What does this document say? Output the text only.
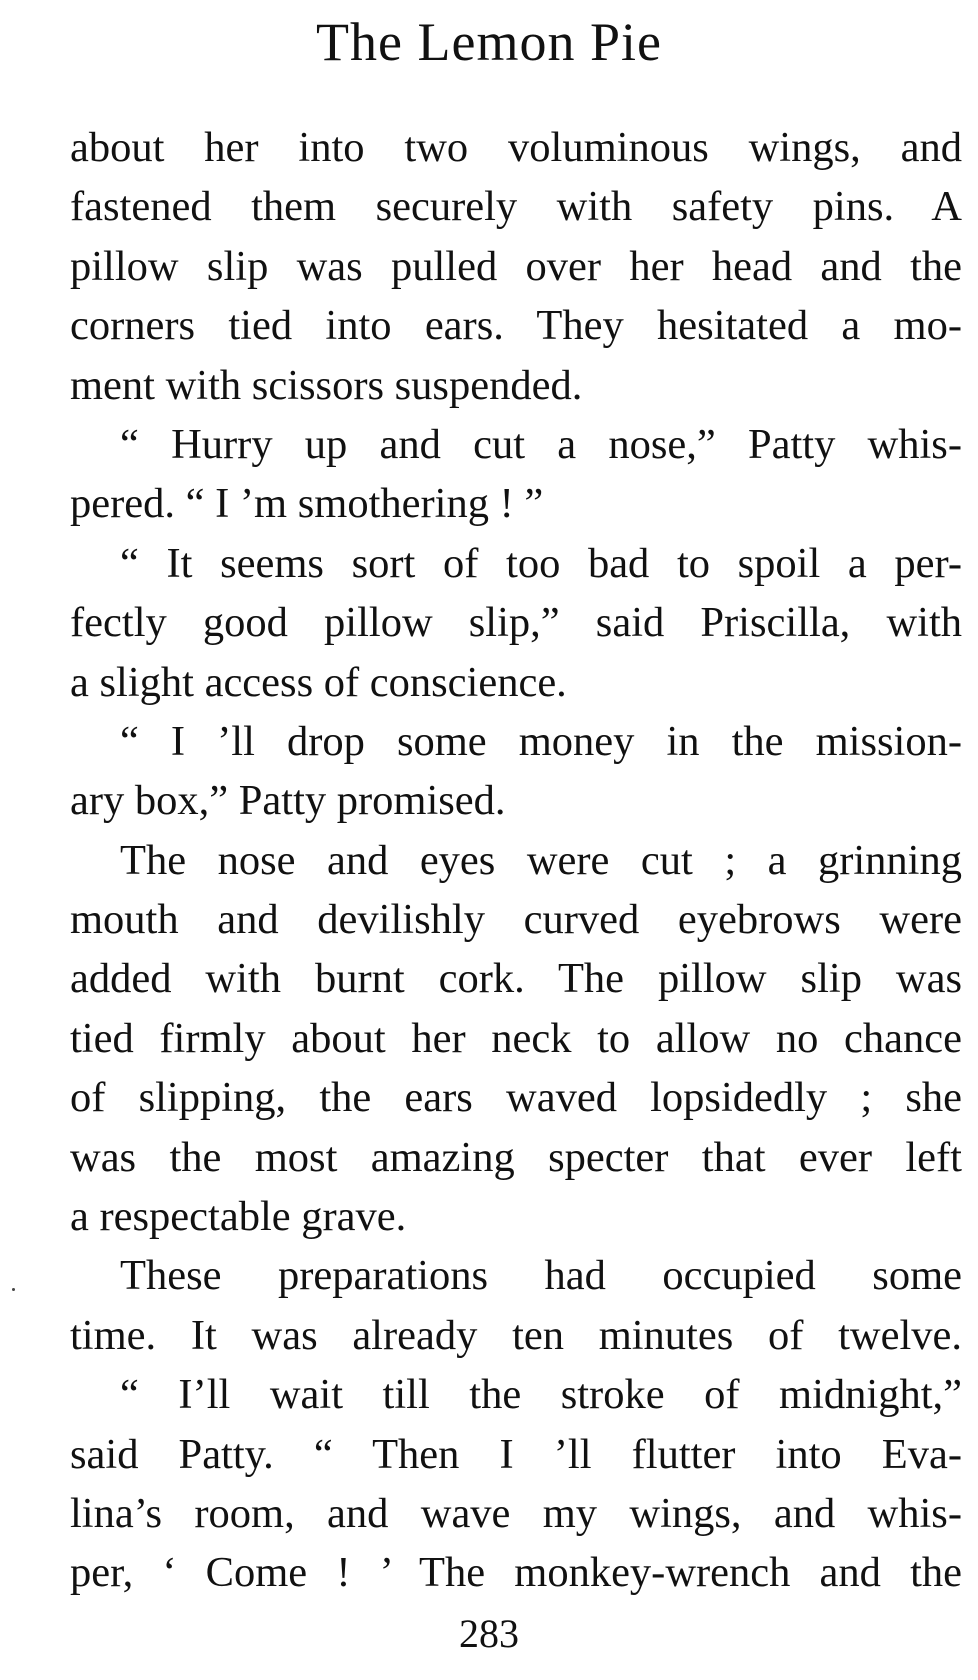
The Lemon Pie
about her into two voluminous wings, and
fastened them securely with safety pins. A
pillow slip was pulled over her head and the
corners tied into ears. They hesitated a mo-
ment with scissors suspended.
“ Hurry up and cut a nose,” Patty whis-
pered. “ I ’m smothering ! ”
“ It seems sort of too bad to spoil a per-
fectly good pillow slip,” said Priscilla, with
a slight access of conscience.
“ I ’ll drop some money in the mission-
ary box,” Patty promised.
The nose and eyes were cut ; a grinning
mouth and devilishly curved eyebrows were
added with burnt cork. The pillow slip was
tied firmly about her neck to allow no chance
of slipping, the ears waved lopsidedly ; she
was the most amazing specter that ever left
a respectable grave.
These preparations had occupied some
time. It was already ten minutes of twelve.
“ I’ll wait till the stroke of midnight,”
said Patty. “ Then I ’ll flutter into Eva-
lina’s room, and wave my wings, and whis-
per, ‘ Come ! ’ The monkey-wrench and the
283
